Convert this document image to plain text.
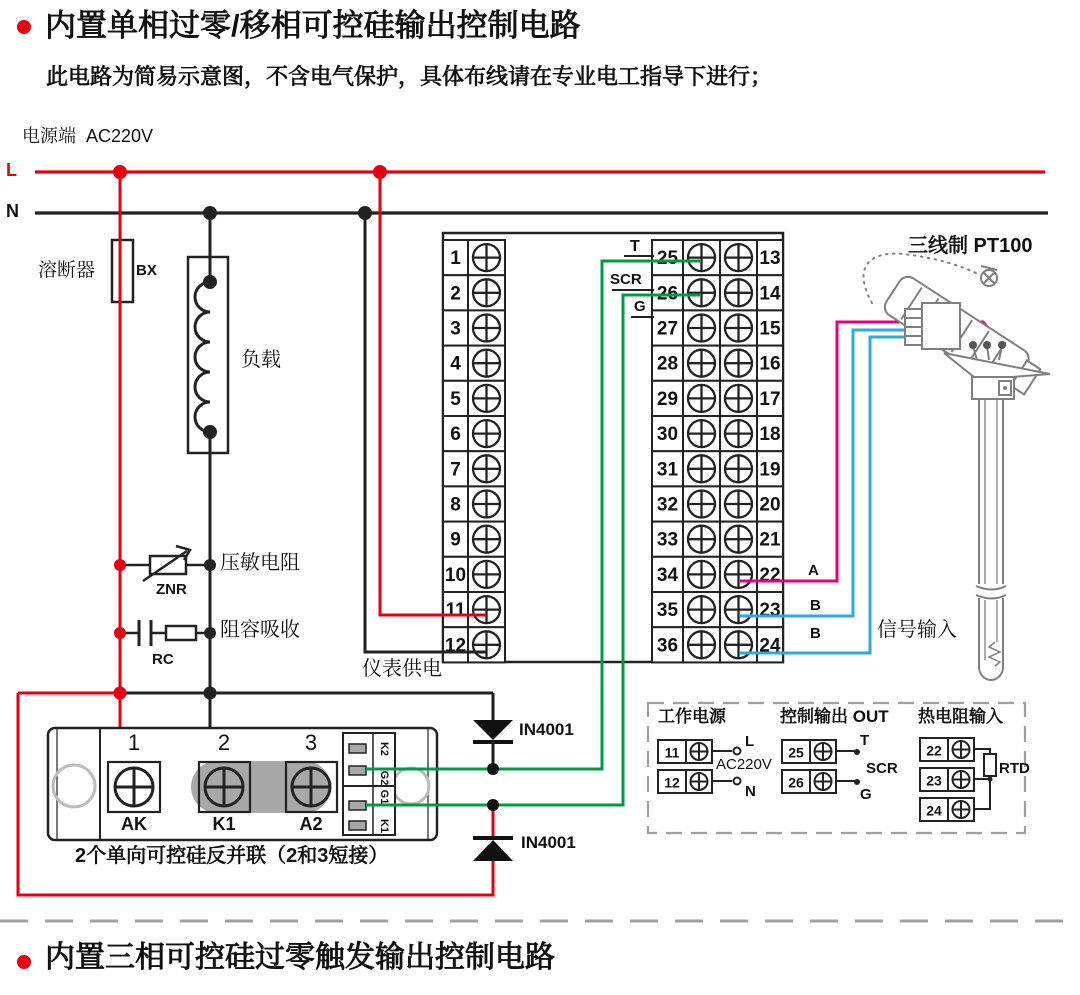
1	25	13
2	26	14
3	27	15
4	28	16
5	29	17
6	30	18
7	31	19
8	32	20
9	33	21
10	34	22
11	35	23
12	36	24
11
12
25
26
22
23
24
内置单相过零/移相可控硅输出控制电路
此电路为简易示意图，不含电气保护，具体布线请在专业电工指导下进行；
电源端 AC220V
L
N
溶断器	BX
负载
压敏电阻
ZNR
阻容吸收
RC	仪表供电
T
SCR
G
IN4001
IN4001
A
B
B	信号输入
三线制 PT100
1	2	3
AK	K1	A2
K2
G2
G1
K1
2个单向可控硅反并联（2和3短接）
工作电源
L
AC220V
N
控制输出 OUT
T
SCR
G
热电阻输入
RTD
内置三相可控硅过零触发输出控制电路
